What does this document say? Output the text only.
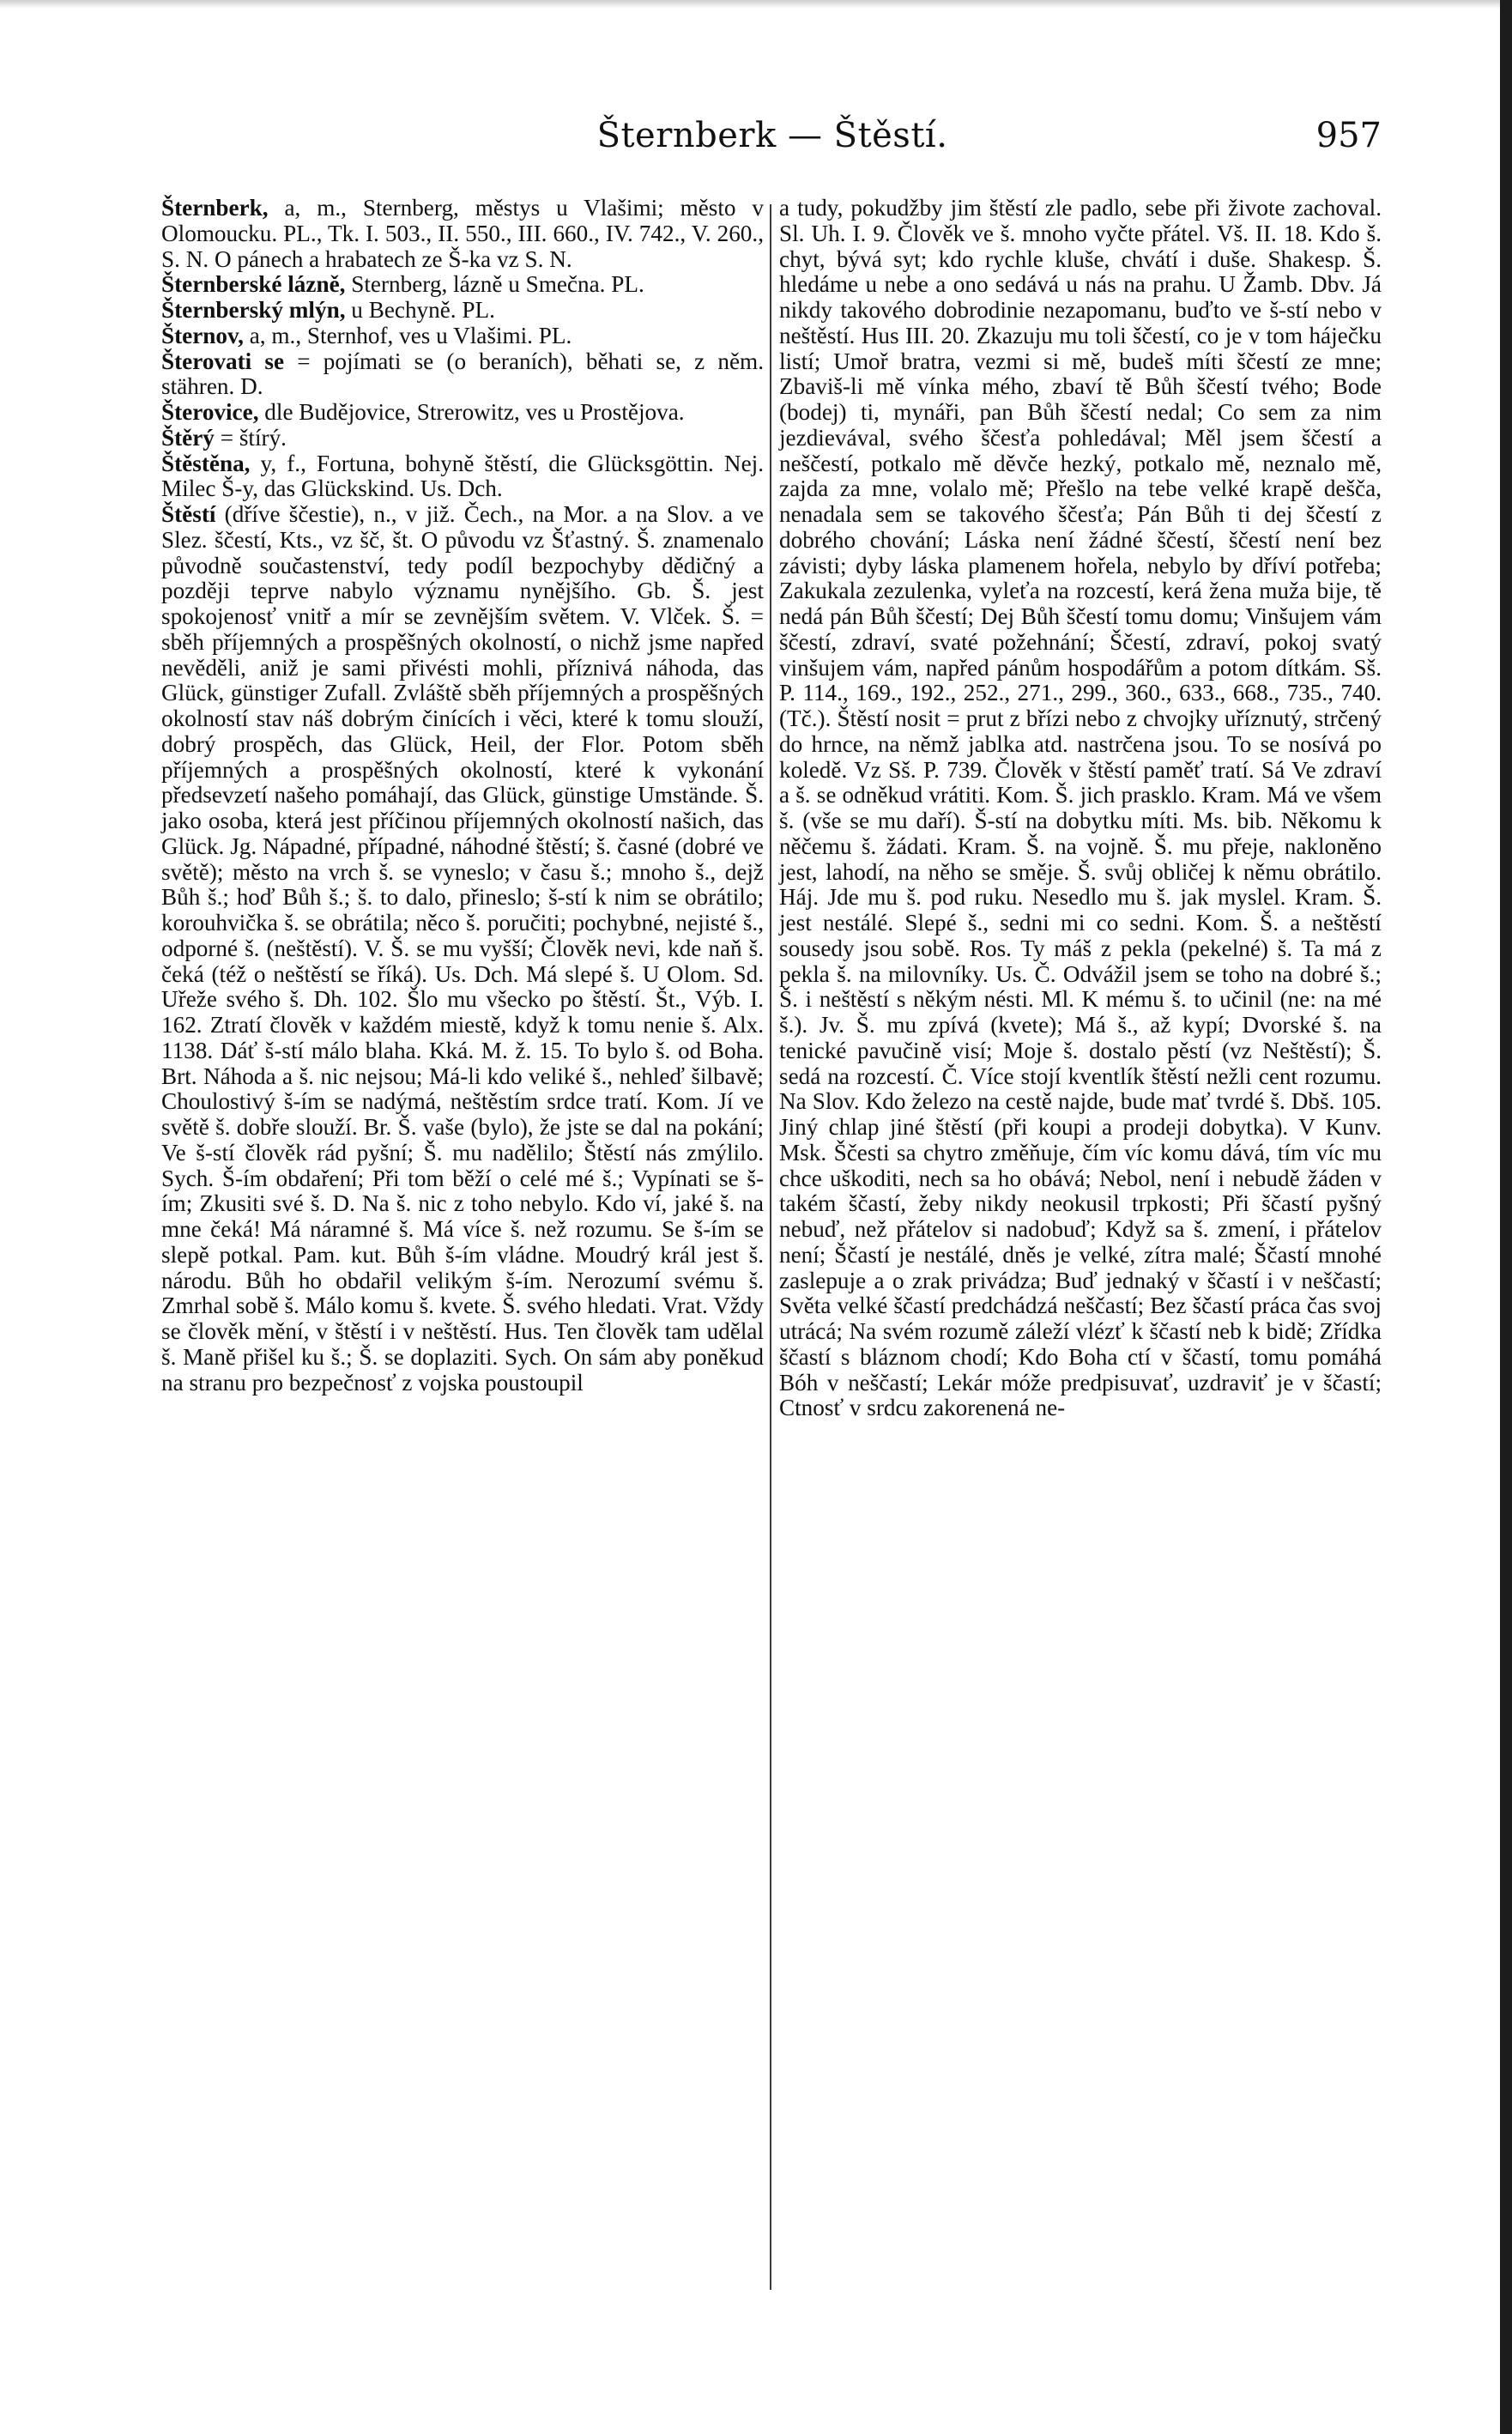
Šternberk — Štěstí.	957

Šternberk, a, m., Sternberg, městys u Vlašimi; město v Olomoucku. PL., Tk. I. 503., II. 550., III. 660., IV. 742., V. 260., S. N. O pánech a hrabatech ze Š-ka vz S. N.

Šternberské lázně, Sternberg, lázně u Smečna. PL.

Šternberský mlýn, u Bechyně. PL.

Šternov, a, m., Sternhof, ves u Vlašimi. PL.

Šterovati se = pojímati se (o beraních), běhati se, z něm. stähren. D.

Šterovice, dle Budějovice, Strerowitz, ves u Prostějova.

Štěrý = štírý.

Štěstěna, y, f., Fortuna, bohyně štěstí, die Glücksgöttin. Nej. Milec Š-y, das Glückskind. Us. Dch.

Štěstí (dříve ščestie), n., v již. Čech., na Mor. a na Slov. a ve Slez. ščestí, Kts., vz šč, št. O původu vz Šťastný. Š. znamenalo původně součastenství, tedy podíl bezpochyby dědičný a později teprve nabylo významu nynějšího. Gb. Š. jest spokojenosť vnitř a mír se zevnějším světem. V. Vlček. Š. = sběh příjemných a prospěšných okolností, o nichž jsme napřed nevěděli, aniž je sami přivésti mohli, příznivá náhoda, das Glück, günstiger Zufall. Zvláště sběh příjemných a prospěšných okolností stav náš dobrým činících i věci, které k tomu slouží, dobrý prospěch, das Glück, Heil, der Flor. Potom sběh příjemných a prospěšných okolností, které k vykonání předsevzetí našeho pomáhají, das Glück, günstige Umstände. Š. jako osoba, která jest příčinou příjemných okolností našich, das Glück. Jg. Nápadné, případné, náhodné štěstí; š. časné (dobré ve světě); město na vrch š. se vyneslo; v času š.; mnoho š., dejž Bůh š.; hoď Bůh š.; š. to dalo, přineslo; š-stí k nim se obrátilo; korouhvička š. se obrátila; něco š. poručiti; pochybné, nejisté š., odporné š. (neštěstí). V. Š. se mu vyšší; Člověk nevi, kde naň š. čeká (též o neštěstí se říká). Us. Dch. Má slepé š. U Olom. Sd. Uřeže svého š. Dh. 102. Šlo mu všecko po štěstí. Št., Výb. I. 162. Ztratí člověk v každém miestě, když k tomu nenie š. Alx. 1138. Dáť š-stí málo blaha. Kká. M. ž. 15. To bylo š. od Boha. Brt. Náhoda a š. nic nejsou; Má-li kdo veliké š., nehleď šilbavě; Choulostivý š-ím se nadýmá, neštěstím srdce tratí. Kom. Jí ve světě š. dobře slouží. Br. Š. vaše (bylo), že jste se dal na pokání; Ve š-stí člověk rád pyšní; Š. mu nadělilo; Štěstí nás zmýlilo. Sych. Š-ím obdaření; Při tom běží o celé mé š.; Vypínati se š-ím; Zkusiti své š. D. Na š. nic z toho nebylo. Kdo ví, jaké š. na mne čeká! Má náramné š. Má více š. než rozumu. Se š-ím se slepě potkal. Pam. kut. Bůh š-ím vládne. Moudrý král jest š. národu. Bůh ho obdařil velikým š-ím. Nerozumí svému š. Zmrhal sobě š. Málo komu š. kvete. Š. svého hledati. Vrat. Vždy se člověk mění, v štěstí i v neštěstí. Hus. Ten člověk tam udělal š. Maně přišel ku š.; Š. se doplaziti. Sych. On sám aby poněkud na stranu pro bezpečnosť z vojska poustoupil

a tudy, pokudžby jim štěstí zle padlo, sebe při živote zachoval. Sl. Uh. I. 9. Člověk ve š. mnoho vyčte přátel. Vš. II. 18. Kdo š. chyt, bývá syt; kdo rychle kluše, chvátí i duše. Shakesp. Š. hledáme u nebe a ono sedává u nás na prahu. U Žamb. Dbv. Já nikdy takového dobrodinie nezapomanu, buďto ve š-stí nebo v neštěstí. Hus III. 20. Zkazuju mu toli ščestí, co je v tom háječku listí; Umoř bratra, vezmi si mě, budeš míti ščestí ze mne; Zbaviš-li mě vínka mého, zbaví tě Bůh ščestí tvého; Bode (bodej) ti, mynáři, pan Bůh ščestí nedal; Co sem za nim jezdievával, svého ščesťa pohledával; Měl jsem ščestí a neščestí, potkalo mě děvče hezký, potkalo mě, neznalo mě, zajda za mne, volalo mě; Přešlo na tebe velké krapě dešča, nenadala sem se takového ščesťa; Pán Bůh ti dej ščestí z dobrého chování; Láska není žádné ščestí, ščestí není bez závisti; dyby láska plamenem hořela, nebylo by dříví potřeba; Zakukala zezulenka, vyleťa na rozcestí, kerá žena muža bije, tě nedá pán Bůh ščestí; Dej Bůh ščestí tomu domu; Vinšujem vám ščestí, zdraví, svaté požehnání; Ščestí, zdraví, pokoj svatý vinšujem vám, napřed pánům hospodářům a potom dítkám. Sš. P. 114., 169., 192., 252., 271., 299., 360., 633., 668., 735., 740. (Tč.). Štěstí nosit = prut z břízi nebo z chvojky uříznutý, strčený do hrnce, na němž jablka atd. nastrčena jsou. To se nosívá po koledě. Vz Sš. P. 739. Člověk v štěstí paměť tratí. Sá Ve zdraví a š. se odněkud vrátiti. Kom. Š. jich prasklo. Kram. Má ve všem š. (vše se mu daří). Š-stí na dobytku míti. Ms. bib. Někomu k něčemu š. žádati. Kram. Š. na vojně. Š. mu přeje, nakloněno jest, lahodí, na něho se směje. Š. svůj obličej k němu obrátilo. Háj. Jde mu š. pod ruku. Nesedlo mu š. jak myslel. Kram. Š. jest nestálé. Slepé š., sedni mi co sedni. Kom. Š. a neštěstí sousedy jsou sobě. Ros. Ty máš z pekla (pekelné) š. Ta má z pekla š. na milovníky. Us. Č. Odvážil jsem se toho na dobré š.; Š. i neštěstí s někým nésti. Ml. K mému š. to učinil (ne: na mé š.). Jv. Š. mu zpívá (kvete); Má š., až kypí; Dvorské š. na tenické pavučině visí; Moje š. dostalo pěstí (vz Neštěstí); Š. sedá na rozcestí. Č. Více stojí kventlík štěstí nežli cent rozumu. Na Slov. Kdo železo na cestě najde, bude mať tvrdé š. Dbš. 105. Jiný chlap jiné štěstí (při koupi a prodeji dobytka). V Kunv. Msk. Ščesti sa chytro změňuje, čím víc komu dává, tím víc mu chce uškoditi, nech sa ho obává; Nebol, není i nebudě žáden v takém ščastí, žeby nikdy neokusil trpkosti; Při ščastí pyšný nebuď, než přátelov si nadobuď; Když sa š. zmení, i přátelov není; Ščastí je nestálé, dněs je velké, zítra malé; Ščastí mnohé zaslepuje a o zrak privádza; Buď jednaký v ščastí i v neščastí; Světa velké ščastí predchádzá neščastí; Bez ščastí práca čas svoj utrácá; Na svém rozumě záleží vlézť k ščastí neb k bidě; Zřídka ščastí s bláznom chodí; Kdo Boha ctí v ščastí, tomu pomáhá Bóh v neščastí; Lekár móže predpisuvať, uzdraviť je v ščastí; Ctnosť v srdcu zakorenená ne-
